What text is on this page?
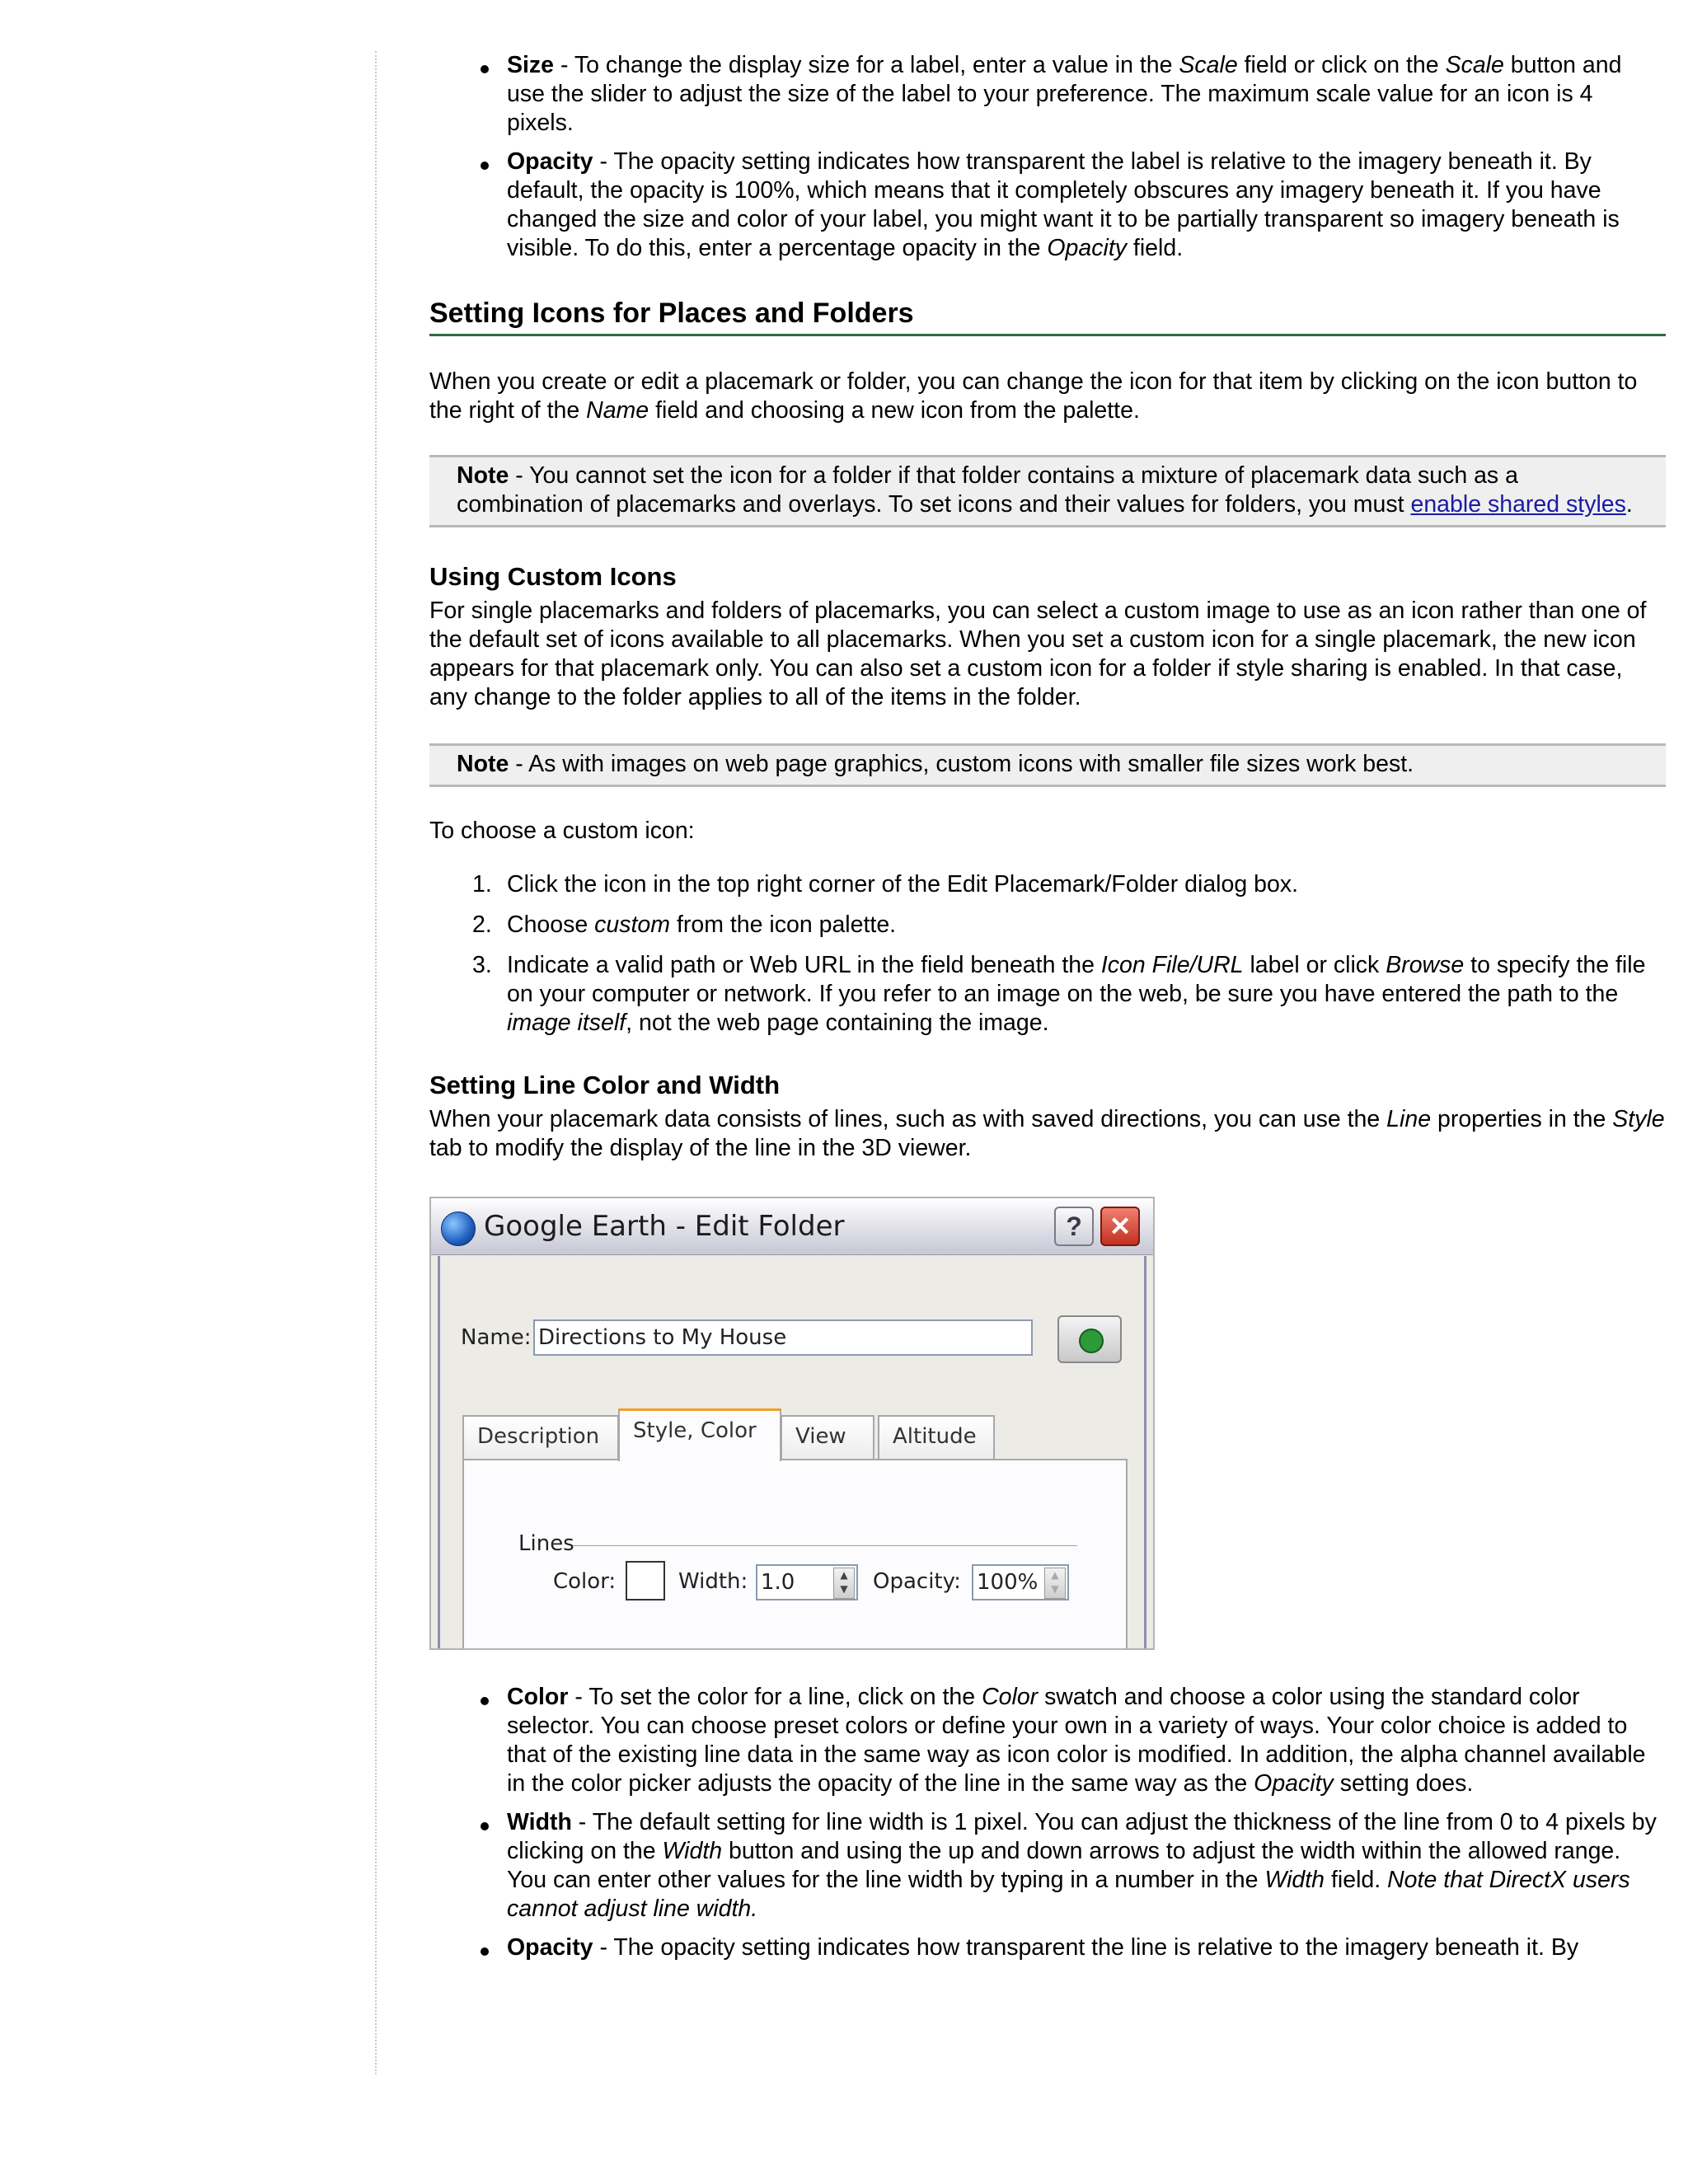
Size - To change the display size for a label, enter a value in the Scale field or click on the Scale button and use the slider to adjust the size of the label to your preference. The maximum scale value for an icon is 4 pixels.
Opacity - The opacity setting indicates how transparent the label is relative to the imagery beneath it. By default, the opacity is 100%, which means that it completely obscures any imagery beneath it. If you have changed the size and color of your label, you might want it to be partially transparent so imagery beneath is visible. To do this, enter a percentage opacity in the Opacity field.
Setting Icons for Places and Folders

When you create or edit a placemark or folder, you can change the icon for that item by clicking on the icon button to the right of the Name field and choosing a new icon from the palette.

Note - You cannot set the icon for a folder if that folder contains a mixture of placemark data such as a combination of placemarks and overlays. To set icons and their values for folders, you must enable shared styles.
Using Custom Icons

For single placemarks and folders of placemarks, you can select a custom image to use as an icon rather than one of the default set of icons available to all placemarks. When you set a custom icon for a single placemark, the new icon appears for that placemark only. You can also set a custom icon for a folder if style sharing is enabled. In that case, any change to the folder applies to all of the items in the folder.

Note - As with images on web page graphics, custom icons with smaller file sizes work best.

To choose a custom icon:

1. Click the icon in the top right corner of the Edit Placemark/Folder dialog box.
2. Choose custom from the icon palette.
3. Indicate a valid path or Web URL in the field beneath the Icon File/URL label or click Browse to specify the file on your computer or network. If you refer to an image on the web, be sure you have entered the path to the image itself, not the web page containing the image.
Setting Line Color and Width

When your placemark data consists of lines, such as with saved directions, you can use the Line properties in the Style tab to modify the display of the line in the 3D viewer.

Google Earth - Edit Folder	?	✕
Name: Directions to My House
Description	Style, Color	View	Altitude
Lines
Color:	Width: 1.0	▲
▼	Opacity: 100%	▲
▼
Color - To set the color for a line, click on the Color swatch and choose a color using the standard color selector. You can choose preset colors or define your own in a variety of ways. Your color choice is added to that of the existing line data in the same way as icon color is modified. In addition, the alpha channel available in the color picker adjusts the opacity of the line in the same way as the Opacity setting does.
Width - The default setting for line width is 1 pixel. You can adjust the thickness of the line from 0 to 4 pixels by clicking on the Width button and using the up and down arrows to adjust the width within the allowed range. You can enter other values for the line width by typing in a number in the Width field. Note that DirectX users cannot adjust line width.
Opacity - The opacity setting indicates how transparent the line is relative to the imagery beneath it. By
